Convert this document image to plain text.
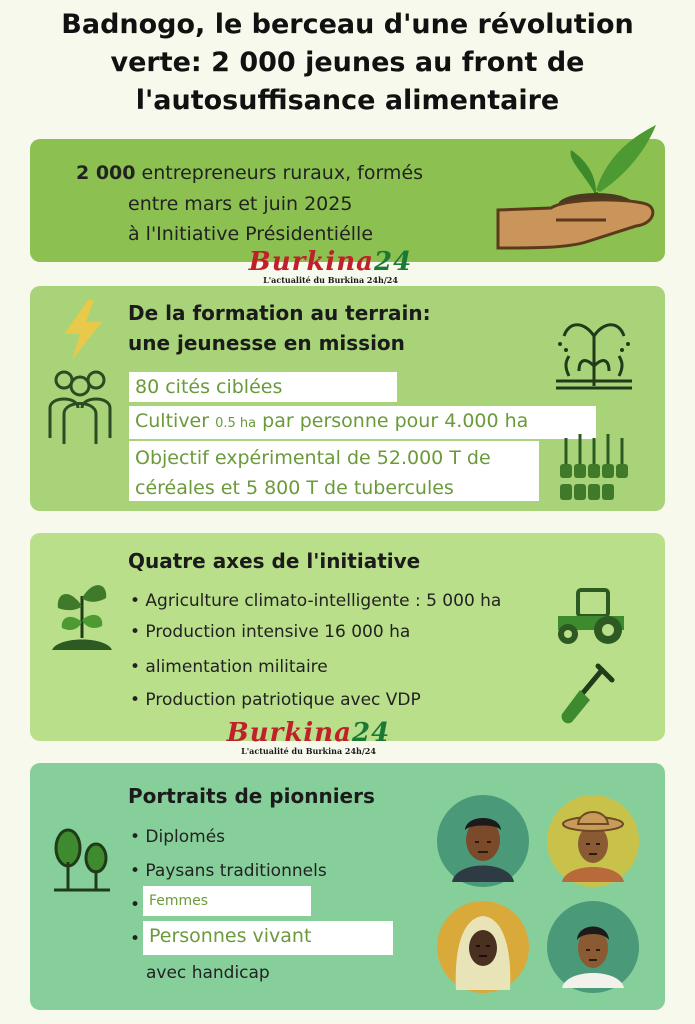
Badnogo, le berceau d'une révolution verte: 2 000 jeunes au front de l'autosuffisance alimentaire
2 000 entrepreneurs ruraux, formés
entre mars et juin 2025
à l'Initiative Présidentiélle
Burkina24
L'actualité du Burkina 24h/24
De la formation au terrain:
une jeunesse en mission
80 cités ciblées
Cultiver 0.5 ha par personne pour 4.000 ha
Objectif expérimental de 52.000 T de
céréales et 5 800 T de tubercules
Quatre axes de l'initiative
• Agriculture climato-intelligente : 5 000 ha
• Production intensive 16 000 ha
• alimentation militaire
• Production patriotique avec VDP
Burkina24
L'actualité du Burkina 24h/24
Portraits de pionniers
• Diplomés
• Paysans traditionnels
• Femmes
• Personnes vivant
avec handicap
